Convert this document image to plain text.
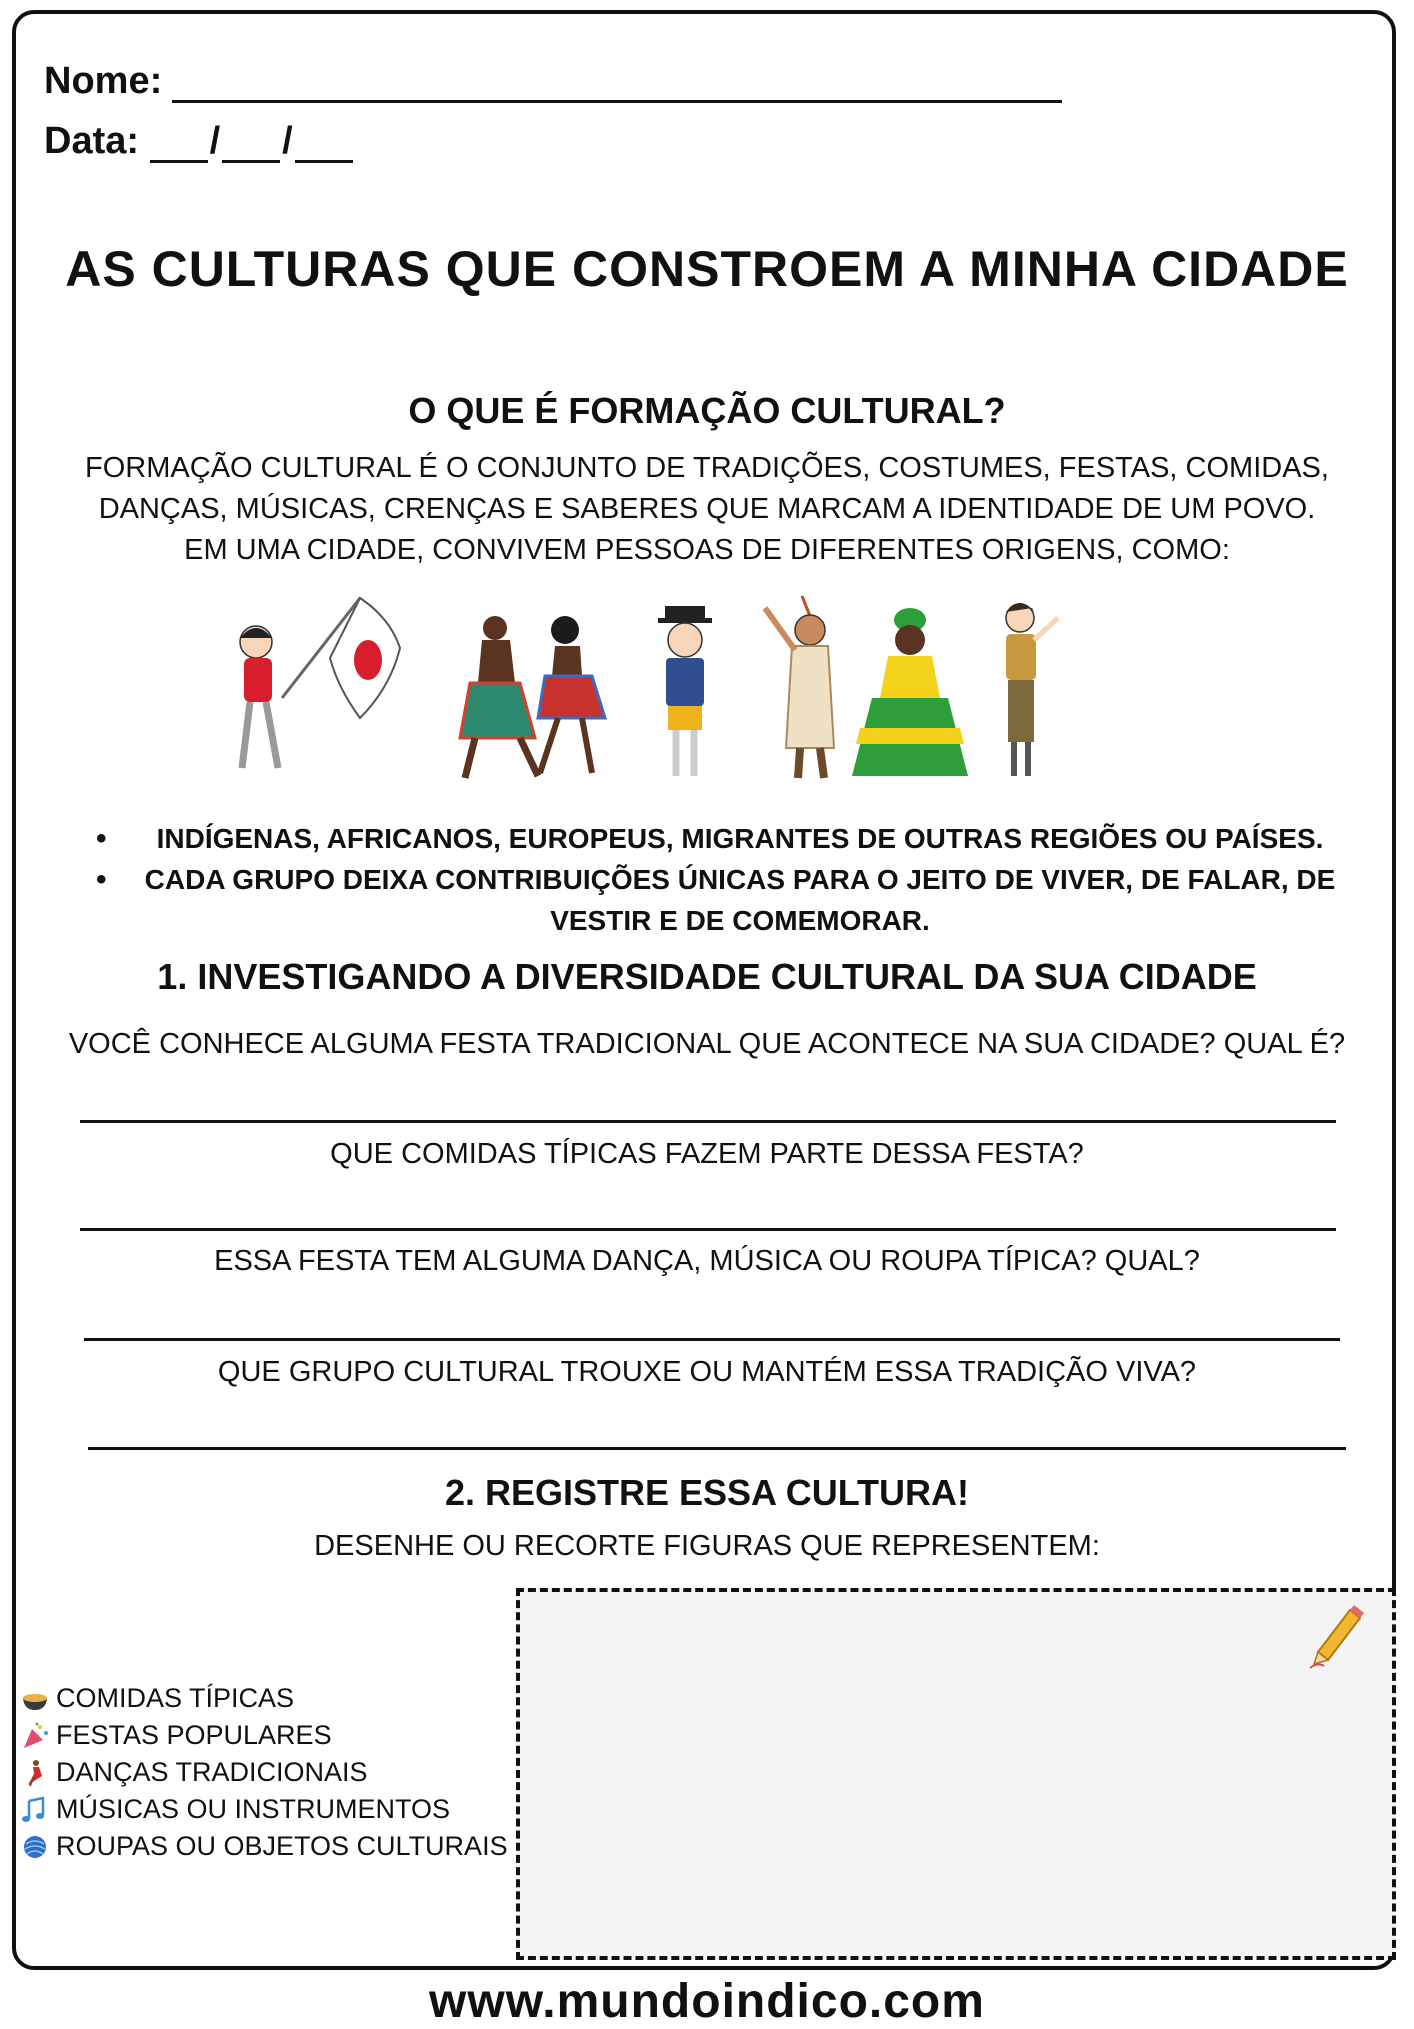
Nome:
Data: / /
AS CULTURAS QUE CONSTROEM A MINHA CIDADE
O QUE É FORMAÇÃO CULTURAL?
FORMAÇÃO CULTURAL É O CONJUNTO DE TRADIÇÕES, COSTUMES, FESTAS, COMIDAS, DANÇAS, MÚSICAS, CRENÇAS E SABERES QUE MARCAM A IDENTIDADE DE UM POVO. EM UMA CIDADE, CONVIVEM PESSOAS DE DIFERENTES ORIGENS, COMO:
• INDÍGENAS, AFRICANOS, EUROPEUS, MIGRANTES DE OUTRAS REGIÕES OU PAÍSES.
• CADA GRUPO DEIXA CONTRIBUIÇÕES ÚNICAS PARA O JEITO DE VIVER, DE FALAR, DE VESTIR E DE COMEMORAR.
1. INVESTIGANDO A DIVERSIDADE CULTURAL DA SUA CIDADE
VOCÊ CONHECE ALGUMA FESTA TRADICIONAL QUE ACONTECE NA SUA CIDADE? QUAL É?
QUE COMIDAS TÍPICAS FAZEM PARTE DESSA FESTA?
ESSA FESTA TEM ALGUMA DANÇA, MÚSICA OU ROUPA TÍPICA? QUAL?
QUE GRUPO CULTURAL TROUXE OU MANTÉM ESSA TRADIÇÃO VIVA?
2. REGISTRE ESSA CULTURA!
DESENHE OU RECORTE FIGURAS QUE REPRESENTEM:
COMIDAS TÍPICAS
FESTAS POPULARES
DANÇAS TRADICIONAIS
MÚSICAS OU INSTRUMENTOS
ROUPAS OU OBJETOS CULTURAIS
www.mundoindico.com
